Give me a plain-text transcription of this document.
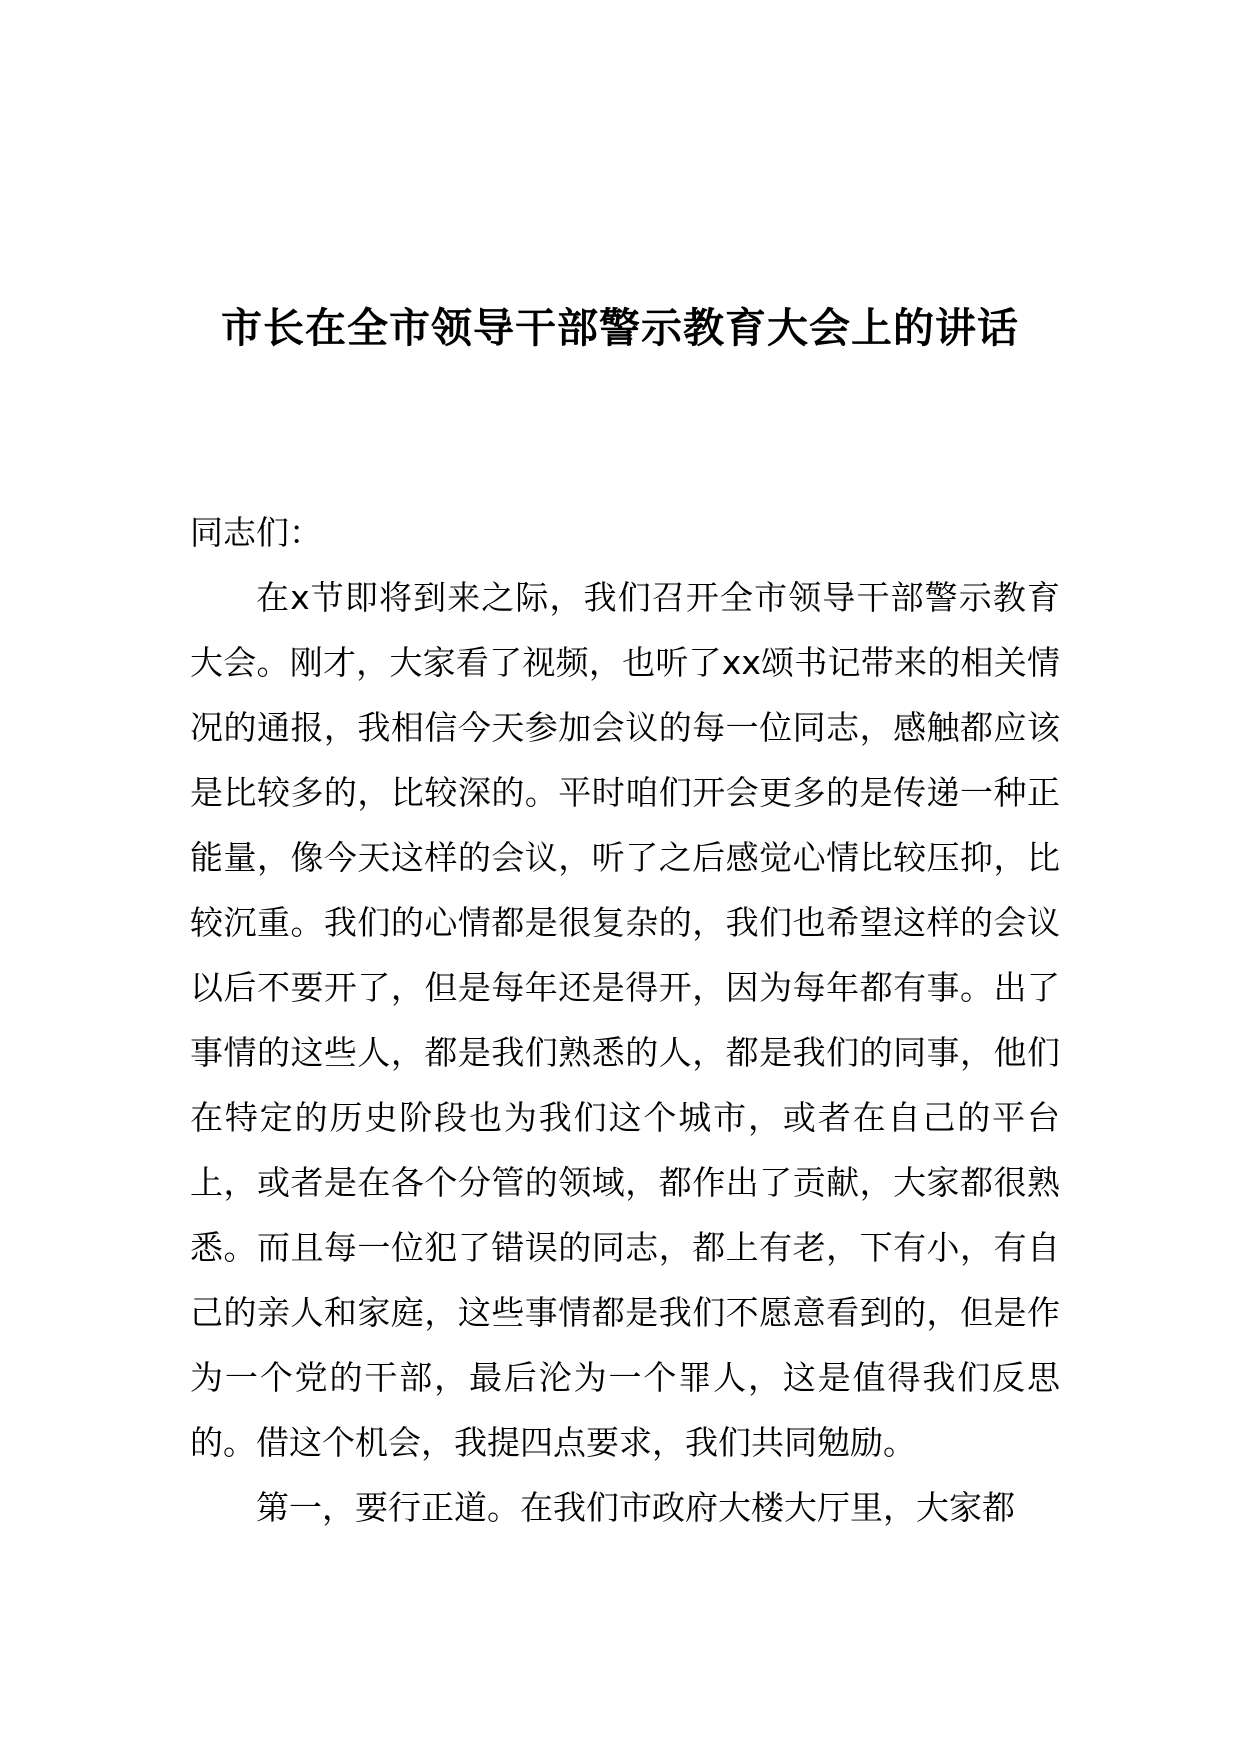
市长在全市领导干部警示教育大会上的讲话

同志们：

在x节即将到来之际，我们召开全市领导干部警示教育大会。刚才，大家看了视频，也听了xx颂书记带来的相关情况的通报，我相信今天参加会议的每一位同志，感触都应该是比较多的，比较深的。平时咱们开会更多的是传递一种正能量，像今天这样的会议，听了之后感觉心情比较压抑，比较沉重。我们的心情都是很复杂的，我们也希望这样的会议以后不要开了，但是每年还是得开，因为每年都有事。出了事情的这些人，都是我们熟悉的人，都是我们的同事，他们在特定的历史阶段也为我们这个城市，或者在自己的平台上，或者是在各个分管的领域，都作出了贡献，大家都很熟悉。而且每一位犯了错误的同志，都上有老，下有小，有自己的亲人和家庭，这些事情都是我们不愿意看到的，但是作为一个党的干部，最后沦为一个罪人，这是值得我们反思的。借这个机会，我提四点要求，我们共同勉励。

第一，要行正道。在我们市政府大楼大厅里，大家都
